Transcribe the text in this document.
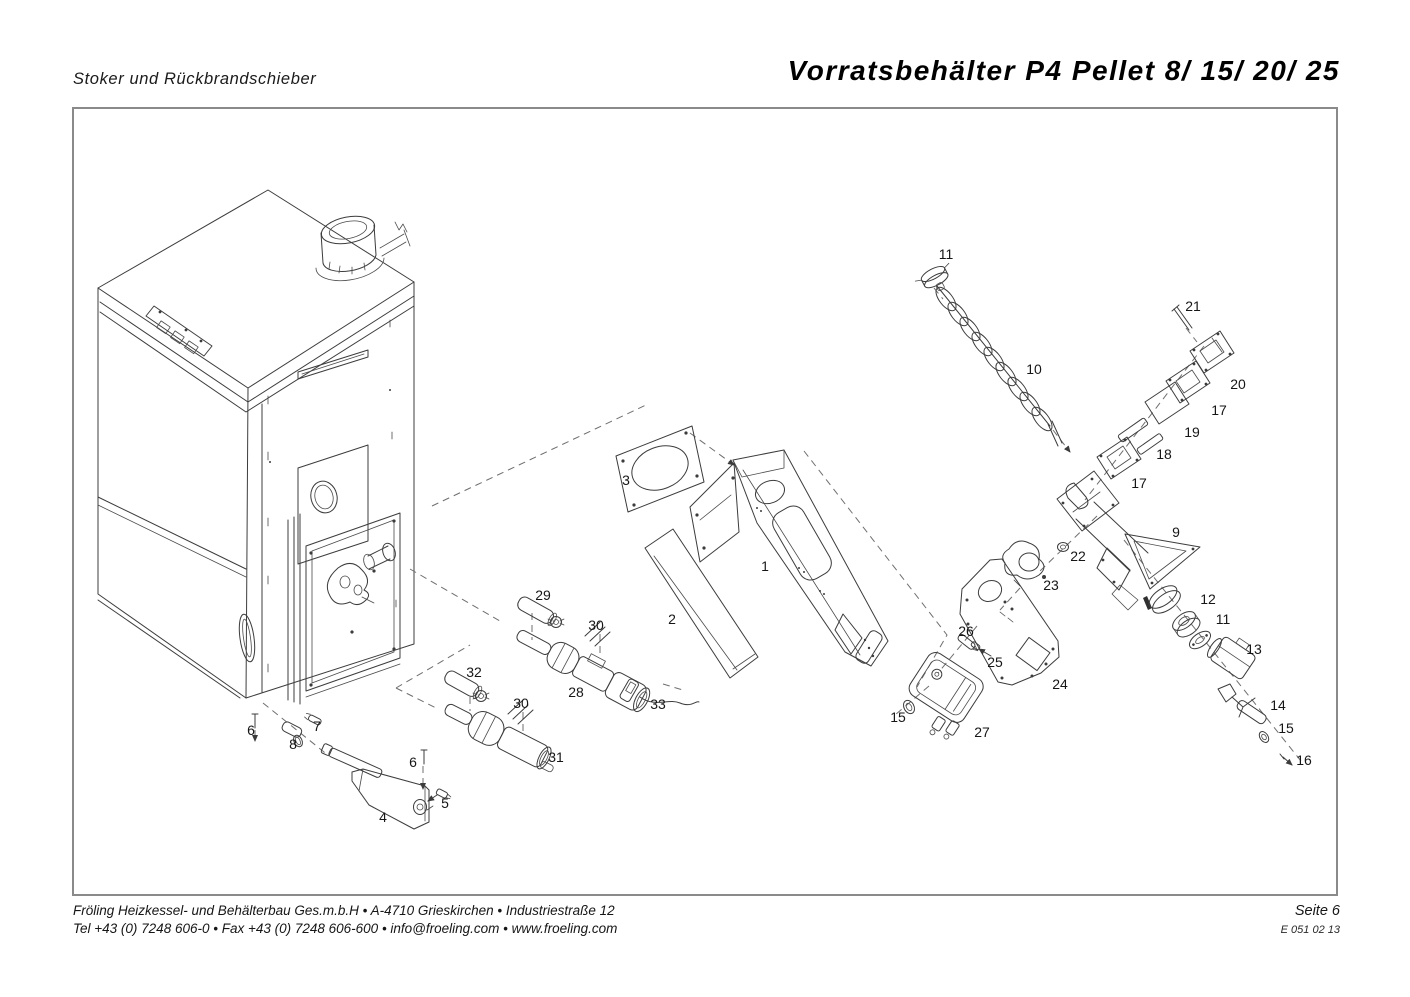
Stoker und Rückbrandschieber	Vorratsbehälter P4 Pellet 8/ 15/ 20/ 25
1
2
3
4
5
6
6
7
8
9
10
11
11
12
13
14
15
15
16
17
17
18
19
20
21
22
23
24
25
26
27
28
29
30
30
31
32
33
Fröling Heizkessel- und Behälterbau Ges.m.b.H • A-4710 Grieskirchen • Industriestraße 12
Tel +43 (0) 7248 606-0 • Fax +43 (0) 7248 606-600 • info@froeling.com • www.froeling.com
Seite 6
E 051 02 13
